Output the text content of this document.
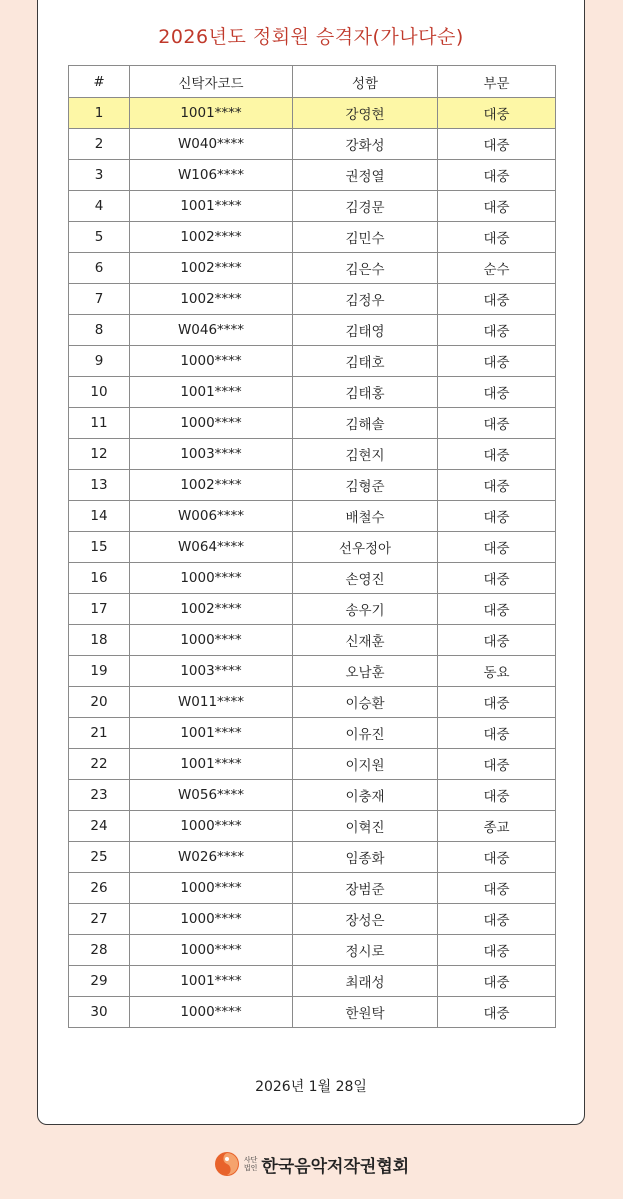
2026년도 정회원 승격자(가나다순)
#	신탁자코드	성함	부문
1	1001****	강영현	대중
2	W040****	강화성	대중
3	W106****	권정열	대중
4	1001****	김경문	대중
5	1002****	김민수	대중
6	1002****	김은수	순수
7	1002****	김정우	대중
8	W046****	김태영	대중
9	1000****	김태호	대중
10	1001****	김태홍	대중
11	1000****	김해솔	대중
12	1003****	김현지	대중
13	1002****	김형준	대중
14	W006****	배철수	대중
15	W064****	선우정아	대중
16	1000****	손영진	대중
17	1002****	송우기	대중
18	1000****	신재훈	대중
19	1003****	오남훈	동요
20	W011****	이승환	대중
21	1001****	이유진	대중
22	1001****	이지원	대중
23	W056****	이충재	대중
24	1000****	이혁진	종교
25	W026****	임종화	대중
26	1000****	장범준	대중
27	1000****	장성은	대중
28	1000****	정시로	대중
29	1001****	최래성	대중
30	1000****	한원탁	대중
2026년 1월 28일
사단
법인 한국음악저작권협회
